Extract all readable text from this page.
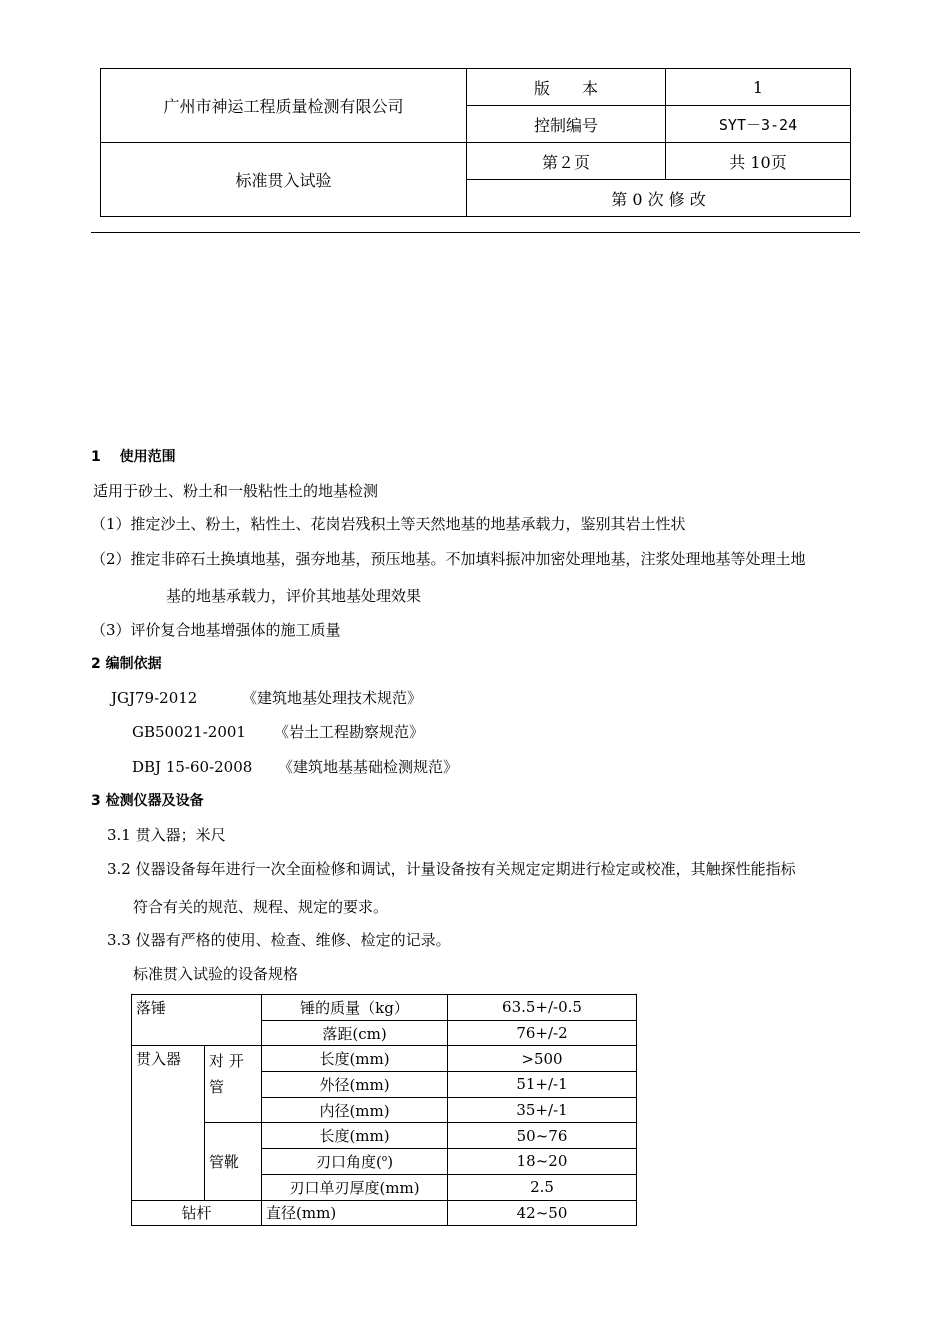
广州市神运工程质量检测有限公司	版　　本	1
	控制编号	SYT－3-24
标准贯入试验	第２页	共 10页
	第 0 次 修 改	
1　 使用范围
适用于砂土、粉土和一般粘性土的地基检测
（1）推定沙土、粉土，粘性土、花岗岩残积土等天然地基的地基承载力，鉴别其岩土性状
（2）推定非碎石土换填地基，强夯地基，预压地基。不加填料振冲加密处理地基，注浆处理地基等处理土地
基的地基承载力，评价其地基处理效果
（3）评价复合地基增强体的施工质量
2 编制依据
JGJ79-2012	《建筑地基处理技术规范》
GB50021-2001 《岩土工程勘察规范》
DBJ 15-60-2008 《建筑地基基础检测规范》
3 检测仪器及设备
3.1 贯入器；米尺
3.2 仪器设备每年进行一次全面检修和调试，计量设备按有关规定定期进行检定或校准，其触探性能指标
符合有关的规范、规程、规定的要求。
3.3 仪器有严格的使用、检查、维修、检定的记录。
标准贯入试验的设备规格
落锤		锤的质量（kg）	63.5+/-0.5
		落距(cm)	76+/-2
贯入器	对 开 管	长度(mm)	>500
		外径(mm)	51+/-1
		内径(mm)	35+/-1
	管靴	长度(mm)	50~76
		刃口角度($^o$)	18~20
		刃口单刃厚度(mm)	2.5
钻杆		直径(mm)	42~50
